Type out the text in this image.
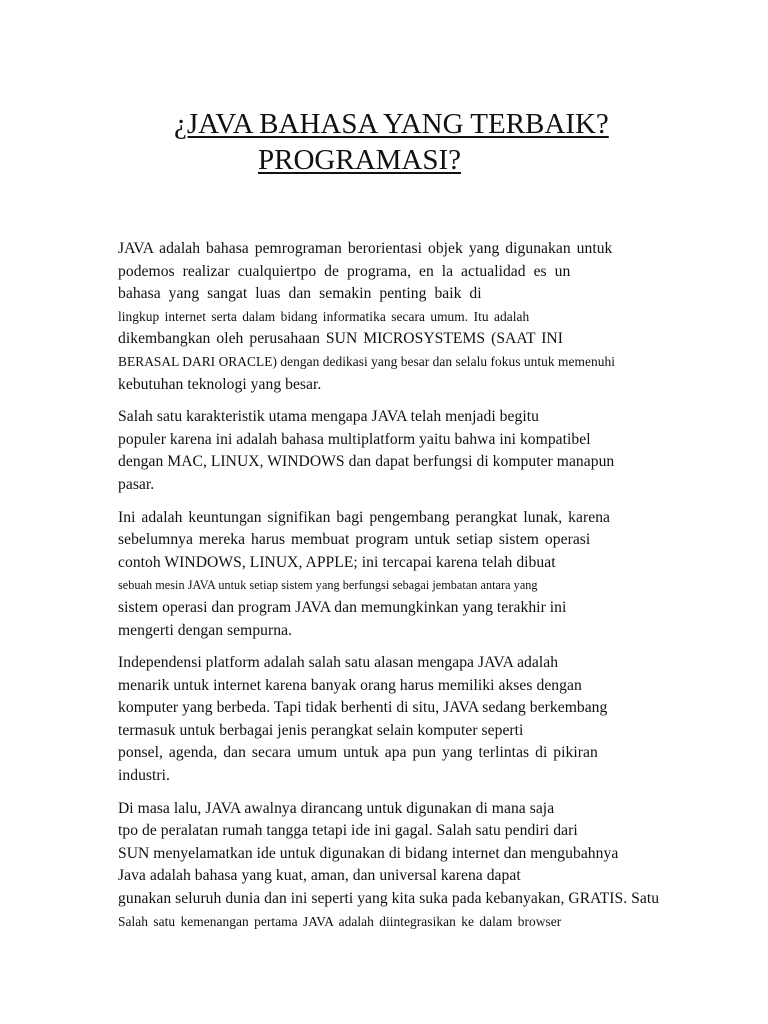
¿JAVA BAHASA YANG TERBAIK?
PROGRAMASI?

JAVA adalah bahasa pemrograman berorientasi objek yang digunakan untuk
podemos realizar cualquiertpo de programa, en la actualidad es un
bahasa yang sangat luas dan semakin penting baik di
lingkup internet serta dalam bidang informatika secara umum. Itu adalah
dikembangkan oleh perusahaan SUN MICROSYSTEMS (SAAT INI
BERASAL DARI ORACLE) dengan dedikasi yang besar dan selalu fokus untuk memenuhi
kebutuhan teknologi yang besar.

Salah satu karakteristik utama mengapa JAVA telah menjadi begitu
populer karena ini adalah bahasa multiplatform yaitu bahwa ini kompatibel
dengan MAC, LINUX, WINDOWS dan dapat berfungsi di komputer manapun
pasar.

Ini adalah keuntungan signifikan bagi pengembang perangkat lunak, karena
sebelumnya mereka harus membuat program untuk setiap sistem operasi
contoh WINDOWS, LINUX, APPLE; ini tercapai karena telah dibuat
sebuah mesin JAVA untuk setiap sistem yang berfungsi sebagai jembatan antara yang
sistem operasi dan program JAVA dan memungkinkan yang terakhir ini
mengerti dengan sempurna.

Independensi platform adalah salah satu alasan mengapa JAVA adalah
menarik untuk internet karena banyak orang harus memiliki akses dengan
komputer yang berbeda. Tapi tidak berhenti di situ, JAVA sedang berkembang
termasuk untuk berbagai jenis perangkat selain komputer seperti
ponsel, agenda, dan secara umum untuk apa pun yang terlintas di pikiran
industri.

Di masa lalu, JAVA awalnya dirancang untuk digunakan di mana saja
tpo de peralatan rumah tangga tetapi ide ini gagal. Salah satu pendiri dari
SUN menyelamatkan ide untuk digunakan di bidang internet dan mengubahnya
Java adalah bahasa yang kuat, aman, dan universal karena dapat
gunakan seluruh dunia dan ini seperti yang kita suka pada kebanyakan, GRATIS. Satu
Salah satu kemenangan pertama JAVA adalah diintegrasikan ke dalam browser
